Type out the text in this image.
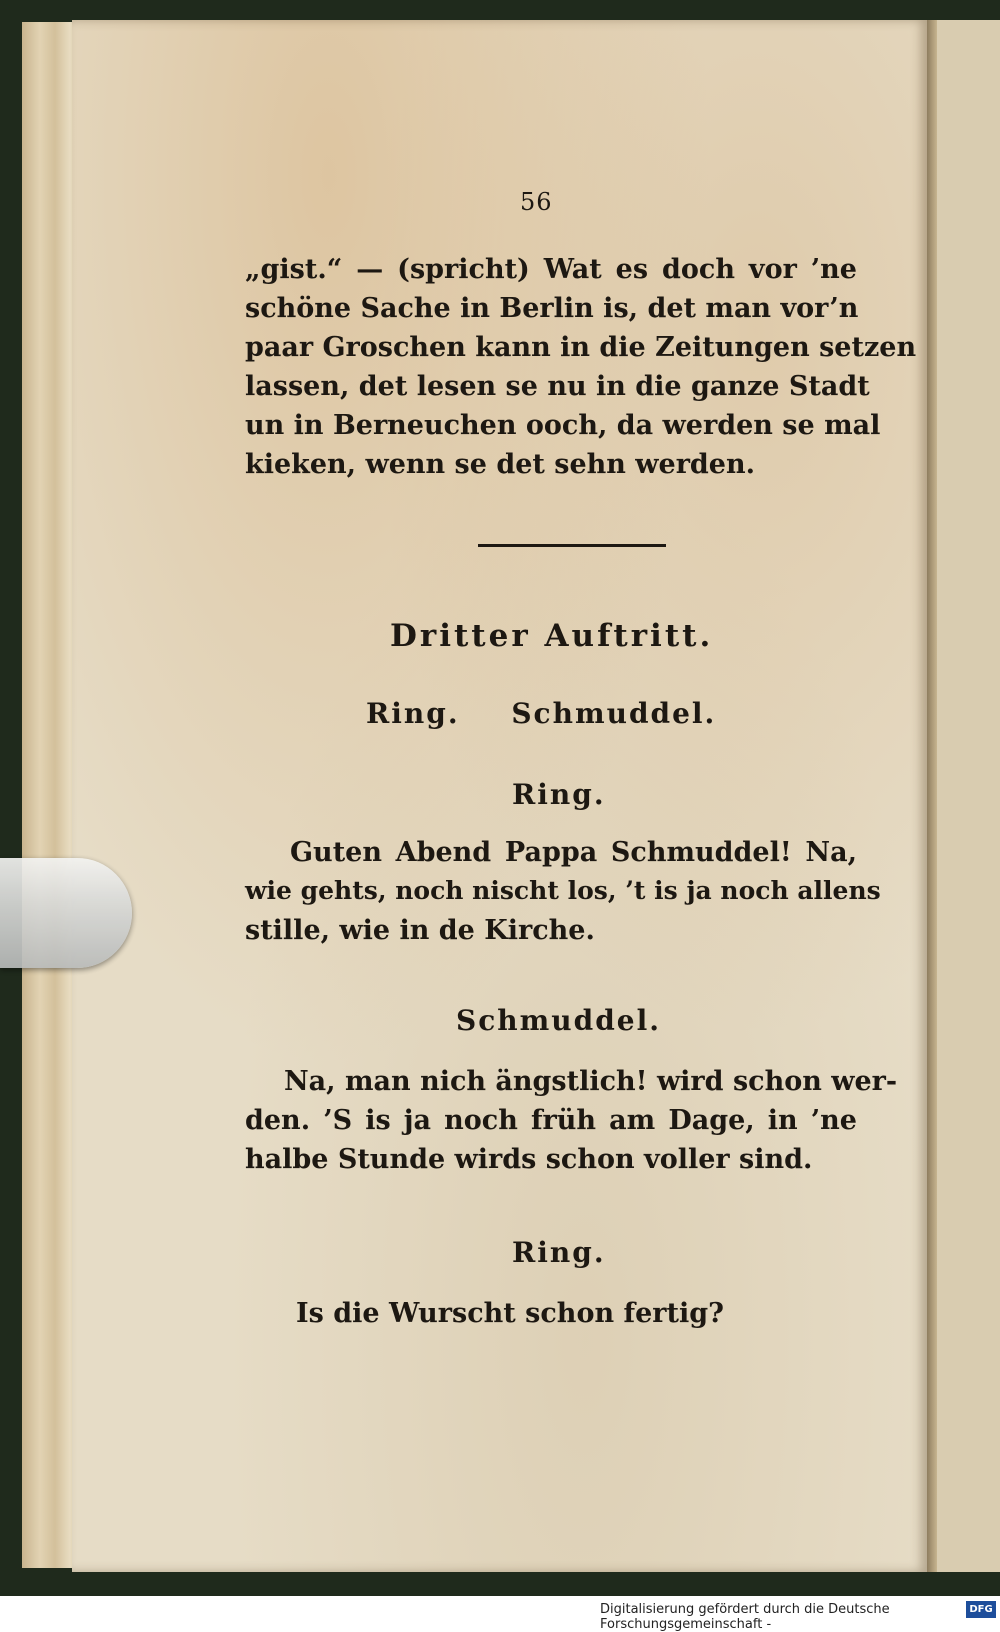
56
„gist.“ — (spricht) Wat es doch vor ’ne
schöne Sache in Berlin is, det man vor’n
paar Groschen kann in die Zeitungen setzen
lassen, det lesen se nu in die ganze Stadt
un in Berneuchen ooch, da werden se mal
kieken, wenn se det sehn werden.
Dritter Auftritt.
Ring. Schmuddel.
Ring.
Guten Abend Pappa Schmuddel! Na,
wie gehts, noch nischt los, ’t is ja noch allens
stille, wie in de Kirche.
Schmuddel.
Na, man nich ängstlich! wird schon wer-
den. ’S is ja noch früh am Dage, in ’ne
halbe Stunde wirds schon voller sind.
Ring.
Is die Wurscht schon fertig?
Digitalisierung gefördert durch die Deutsche Forschungsgemeinschaft -
DFG
